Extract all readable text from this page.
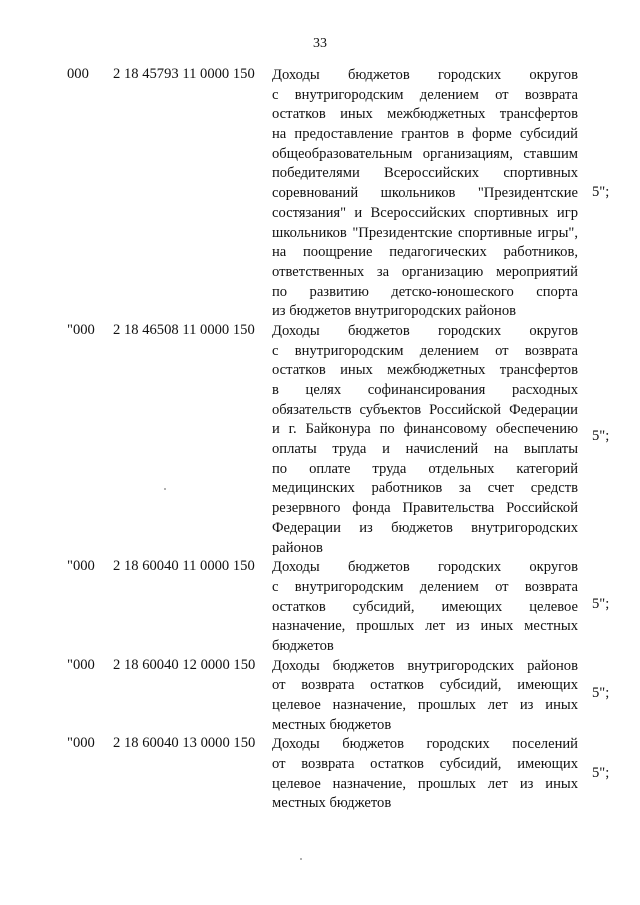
33
000 2 18 45793 11 0000 150 Доходы бюджетов городских округов
с внутригородским делением от возврата
остатков иных межбюджетных трансфертов
на предоставление грантов в форме субсидий
общеобразовательным организациям, ставшим
победителями Всероссийских спортивных
соревнований школьников "Президентские
состязания" и Всероссийских спортивных игр
школьников "Президентские спортивные игры",
на поощрение педагогических работников,
ответственных за организацию мероприятий
по развитию детско-юношеского спорта
из бюджетов внутригородских районов
5";
"000 2 18 46508 11 0000 150 Доходы бюджетов городских округов
с внутригородским делением от возврата
остатков иных межбюджетных трансфертов
в целях софинансирования расходных
обязательств субъектов Российской Федерации
и г. Байконура по финансовому обеспечению
оплаты труда и начислений на выплаты
по оплате труда отдельных категорий
медицинских работников за счет средств
резервного фонда Правительства Российской
Федерации из бюджетов внутригородских
районов
5";
"000 2 18 60040 11 0000 150 Доходы бюджетов городских округов
с внутригородским делением от возврата
остатков субсидий, имеющих целевое
назначение, прошлых лет из иных местных
бюджетов
5";
"000 2 18 60040 12 0000 150 Доходы бюджетов внутригородских районов
от возврата остатков субсидий, имеющих
целевое назначение, прошлых лет из иных
местных бюджетов
5";
"000 2 18 60040 13 0000 150 Доходы бюджетов городских поселений
от возврата остатков субсидий, имеющих
целевое назначение, прошлых лет из иных
местных бюджетов
5";
